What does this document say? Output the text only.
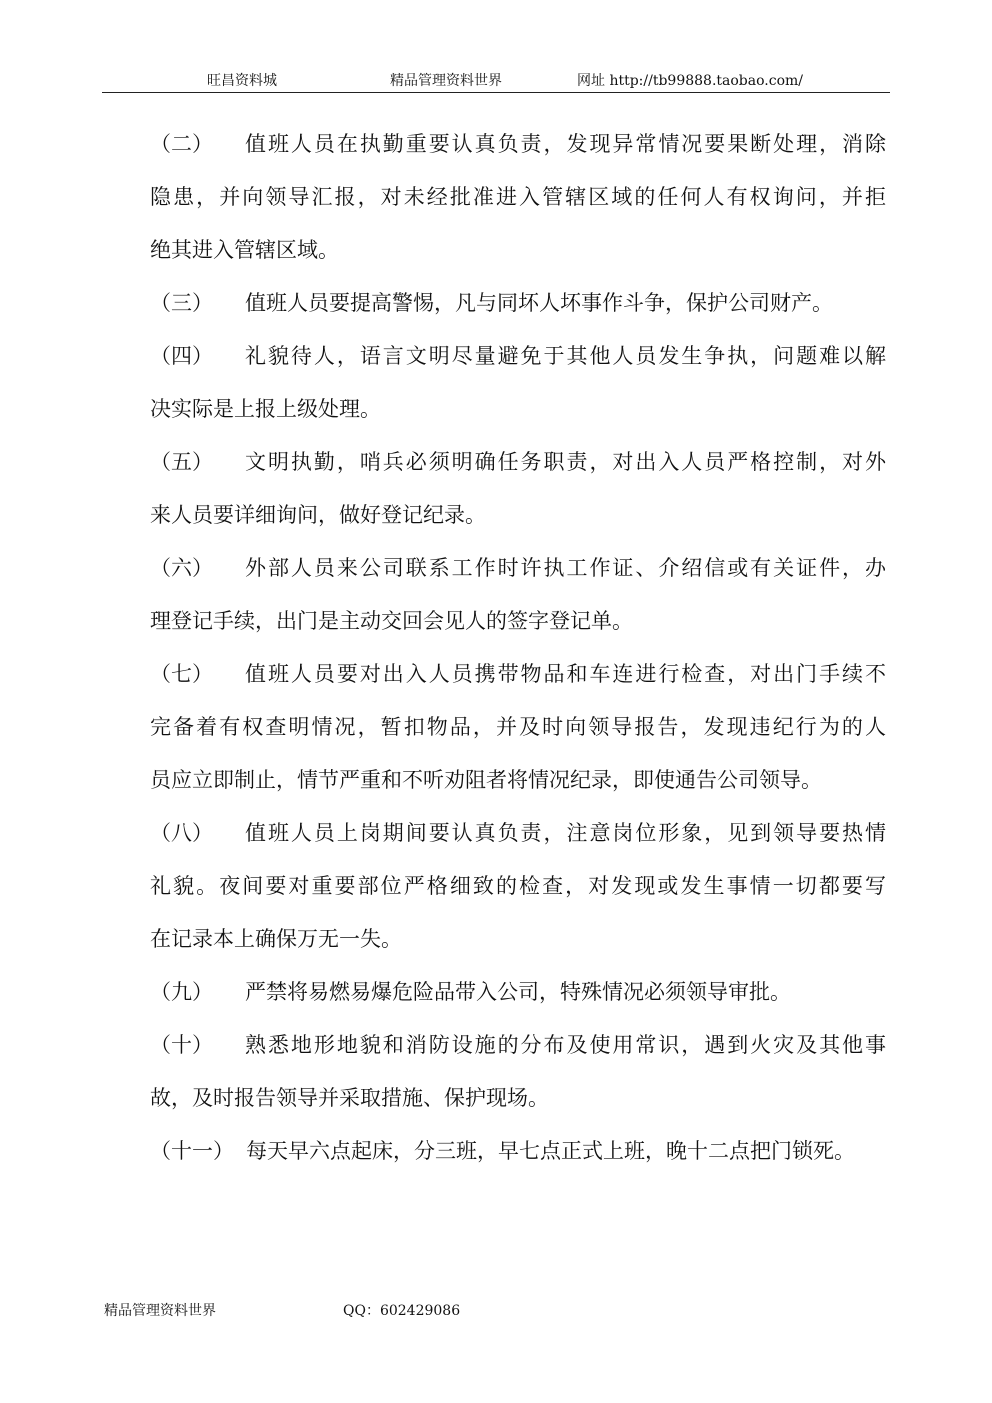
旺昌资料城	精品管理资料世界	网址 http://tb99888.taobao.com/
（二）	值班人员在执勤重要认真负责，发现异常情况要果断处理，消除
隐患，并向领导汇报，对未经批准进入管辖区域的任何人有权询问，并拒
绝其进入管辖区域。
（三）	值班人员要提高警惕，凡与同坏人坏事作斗争，保护公司财产。
（四）	礼貌待人，语言文明尽量避免于其他人员发生争执，问题难以解
决实际是上报上级处理。
（五）	文明执勤，哨兵必须明确任务职责，对出入人员严格控制，对外
来人员要详细询问，做好登记纪录。
（六）	外部人员来公司联系工作时许执工作证、介绍信或有关证件，办
理登记手续，出门是主动交回会见人的签字登记单。
（七）	值班人员要对出入人员携带物品和车连进行检查，对出门手续不
完备着有权查明情况，暂扣物品，并及时向领导报告，发现违纪行为的人
员应立即制止，情节严重和不听劝阻者将情况纪录，即使通告公司领导。
（八）	值班人员上岗期间要认真负责，注意岗位形象，见到领导要热情
礼貌。夜间要对重要部位严格细致的检查，对发现或发生事情一切都要写
在记录本上确保万无一失。
（九）	严禁将易燃易爆危险品带入公司，特殊情况必须领导审批。
（十）	熟悉地形地貌和消防设施的分布及使用常识，遇到火灾及其他事
故，及时报告领导并采取措施、保护现场。
（十一） 每天早六点起床，分三班，早七点正式上班，晚十二点把门锁死。
精品管理资料世界	QQ：602429086
